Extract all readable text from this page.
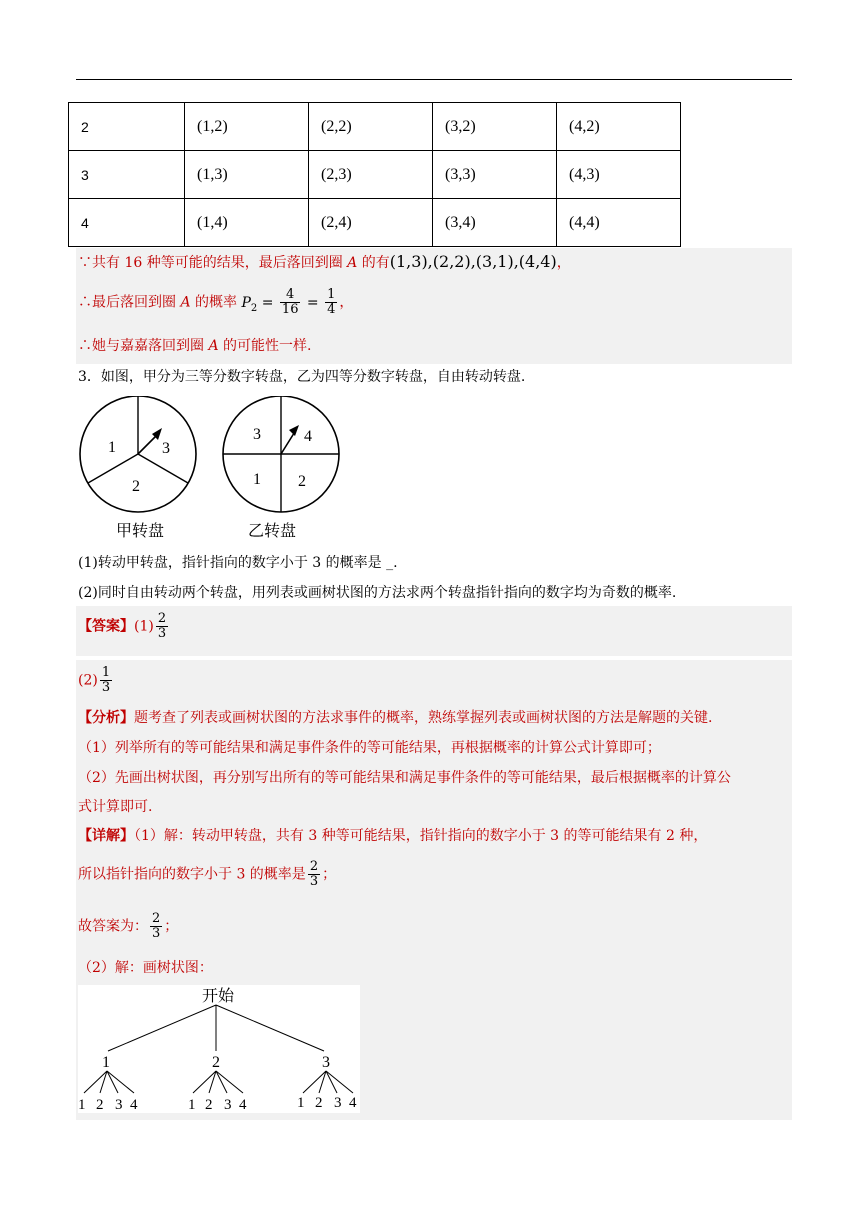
2	(1,2)	(2,2)	(3,2)	(4,2)
3	(1,3)	(2,3)	(3,3)	(4,3)
4	(1,4)	(2,4)	(3,4)	(4,4)
∵共有 16 种等可能的结果，最后落回到圈 A 的有(1,3),(2,2),(3,1),(4,4)，
∴最后落回到圈 A 的概率 $P_2 = \frac{4}{16} = \frac{1}{4}$ ，
∴她与嘉嘉落回到圈 A 的可能性一样.
3．如图，甲分为三等分数字转盘，乙为四等分数字转盘，自由转动转盘.
1	3
2
3	4
1 2
甲转盘	乙转盘
(1)转动甲转盘，指针指向的数字小于 3 的概率是 _.
(2)同时自由转动两个转盘，用列表或画树状图的方法求两个转盘指针指向的数字均为奇数的概率.
【答案】$(1) \frac{2}{3}$
$(2) \frac{1}{3}$
【分析】题考查了列表或画树状图的方法求事件的概率，熟练掌握列表或画树状图的方法是解题的关键.
（1）列举所有的等可能结果和满足事件条件的等可能结果，再根据概率的计算公式计算即可；
（2）先画出树状图，再分别写出所有的等可能结果和满足事件条件的等可能结果，最后根据概率的计算公
式计算即可.
【详解】（1）解：转动甲转盘，共有 3 种等可能结果，指针指向的数字小于 3 的等可能结果有 2 种，
所以指针指向的数字小于 3 的概率是 $\frac{2}{3}$ ；
故答案为： $\frac{2}{3}$ ；
（2）解：画树状图：
开始
1	2	3
1 2 3 4	1 2 3 4	1 2 3 4
